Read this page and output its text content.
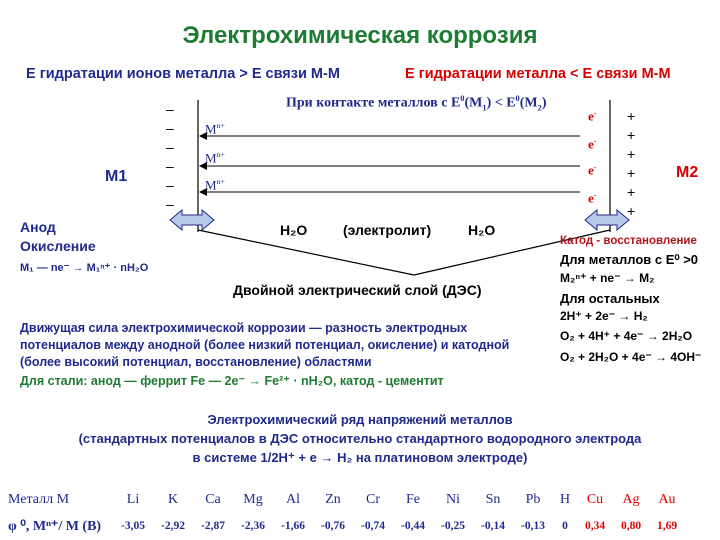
Электрохимическая коррозия
E гидратации ионов металла > E связи М-М	E гидратации металла < E связи М-М
При контакте металлов с $E^0(M_1) < E^0(M_2)$
–
–
–
–
–
–
+
+
+
+
+
+
M1	M2
$M^{n+}$
$M^{n+}$
$M^{n+}$
e-
e-
e-
e-
H₂O	(электролит)	H₂O
Анод
Окисление
M₁ — ne⁻ → M₁ⁿ⁺ · nH₂O
Двойной электрический слой (ДЭС)
Катод - восстановление
Для металлов с E⁰ >0
M₂ⁿ⁺ + ne⁻ → M₂
Для остальных
2H⁺ + 2e⁻ → H₂
O₂ + 4H⁺ + 4e⁻ → 2H₂O
O₂ + 2H₂O + 4e⁻ → 4OH⁻
Движущая сила электрохимической коррозии — разность электродных потенциалов между анодной (более низкий потенциал, окисление) и катодной (более высокий потенциал, восстановление) областями
Для стали: анод — феррит Fe — 2e⁻ → Fe²⁺ · nH₂O, катод - цементит
Электрохимический ряд напряжений металлов
(стандартных потенциалов в ДЭС относительно стандартного водородного электрода
в системе 1/2H⁺ + e → H₂ на платиновом электроде)
Металл M	Li	K	Ca	Mg	Al	Zn	Cr	Fe	Ni	Sn	Pb	H	Cu	Ag	Au
φ ⁰, Mⁿ⁺/ M (B)	-3,05	-2,92	-2,87	-2,36	-1,66	-0,76	-0,74	-0,44	-0,25	-0,14	-0,13	0	0,34	0,80	1,69
